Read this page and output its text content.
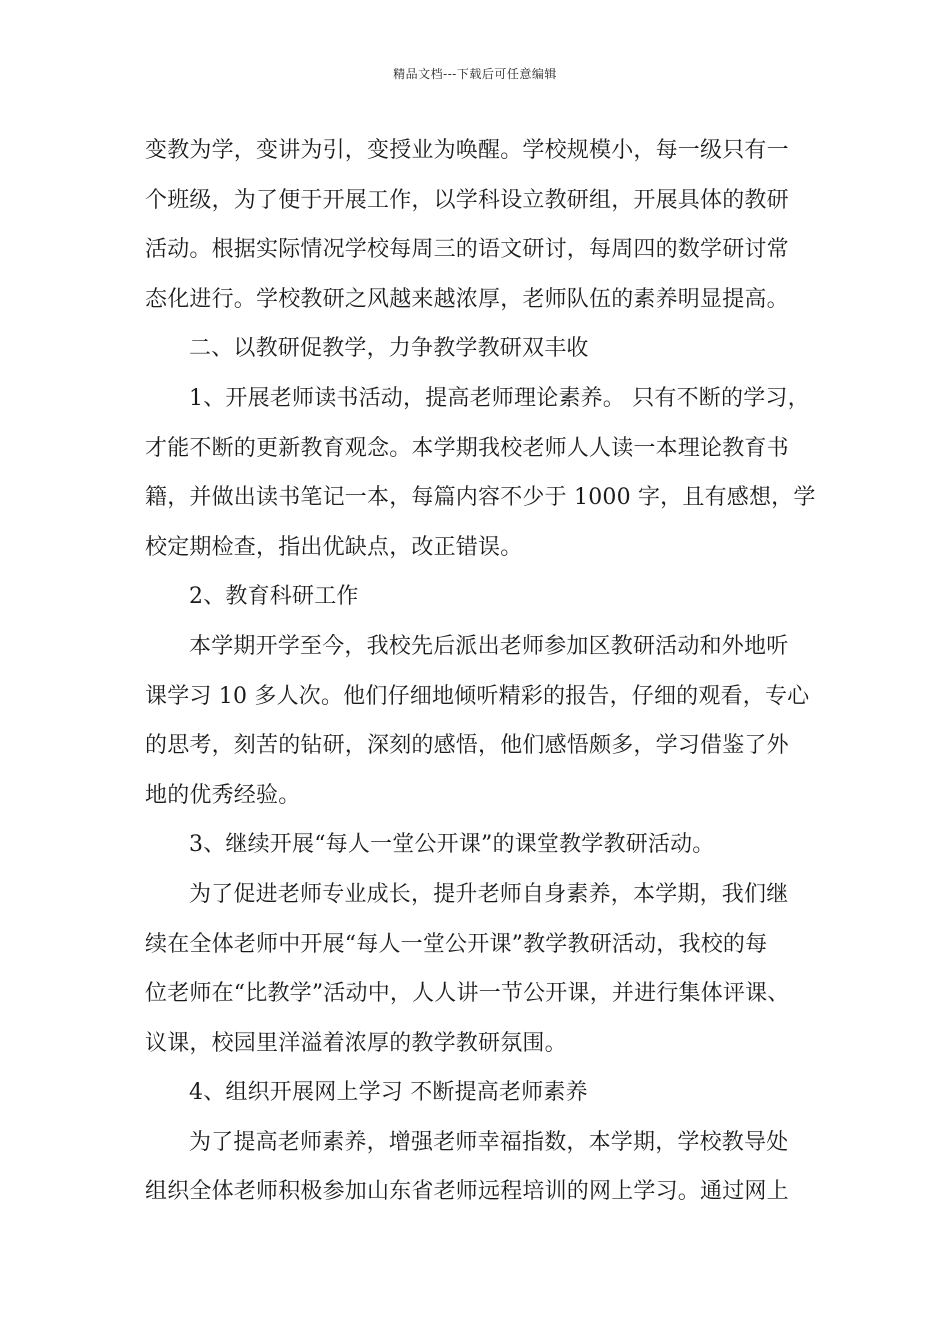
精品文档---下载后可任意编辑
变教为学，变讲为引，变授业为唤醒。学校规模小，每一级只有一
个班级，为了便于开展工作，以学科设立教研组，开展具体的教研
活动。根据实际情况学校每周三的语文研讨，每周四的数学研讨常
态化进行。学校教研之风越来越浓厚，老师队伍的素养明显提高。
二、以教研促教学，力争教学教研双丰收
1、开展老师读书活动，提高老师理论素养。 只有不断的学习，
才能不断的更新教育观念。本学期我校老师人人读一本理论教育书
籍，并做出读书笔记一本，每篇内容不少于 1000 字，且有感想，学
校定期检查，指出优缺点，改正错误。
2、教育科研工作
本学期开学至今，我校先后派出老师参加区教研活动和外地听
课学习 10 多人次。他们仔细地倾听精彩的报告，仔细的观看，专心
的思考，刻苦的钻研，深刻的感悟，他们感悟颇多，学习借鉴了外
地的优秀经验。
3、继续开展“每人一堂公开课”的课堂教学教研活动。
为了促进老师专业成长，提升老师自身素养，本学期，我们继
续在全体老师中开展“每人一堂公开课”教学教研活动，我校的每
位老师在“比教学”活动中，人人讲一节公开课，并进行集体评课、
议课，校园里洋溢着浓厚的教学教研氛围。
4、组织开展网上学习 不断提高老师素养
为了提高老师素养，增强老师幸福指数，本学期，学校教导处
组织全体老师积极参加山东省老师远程培训的网上学习。通过网上
